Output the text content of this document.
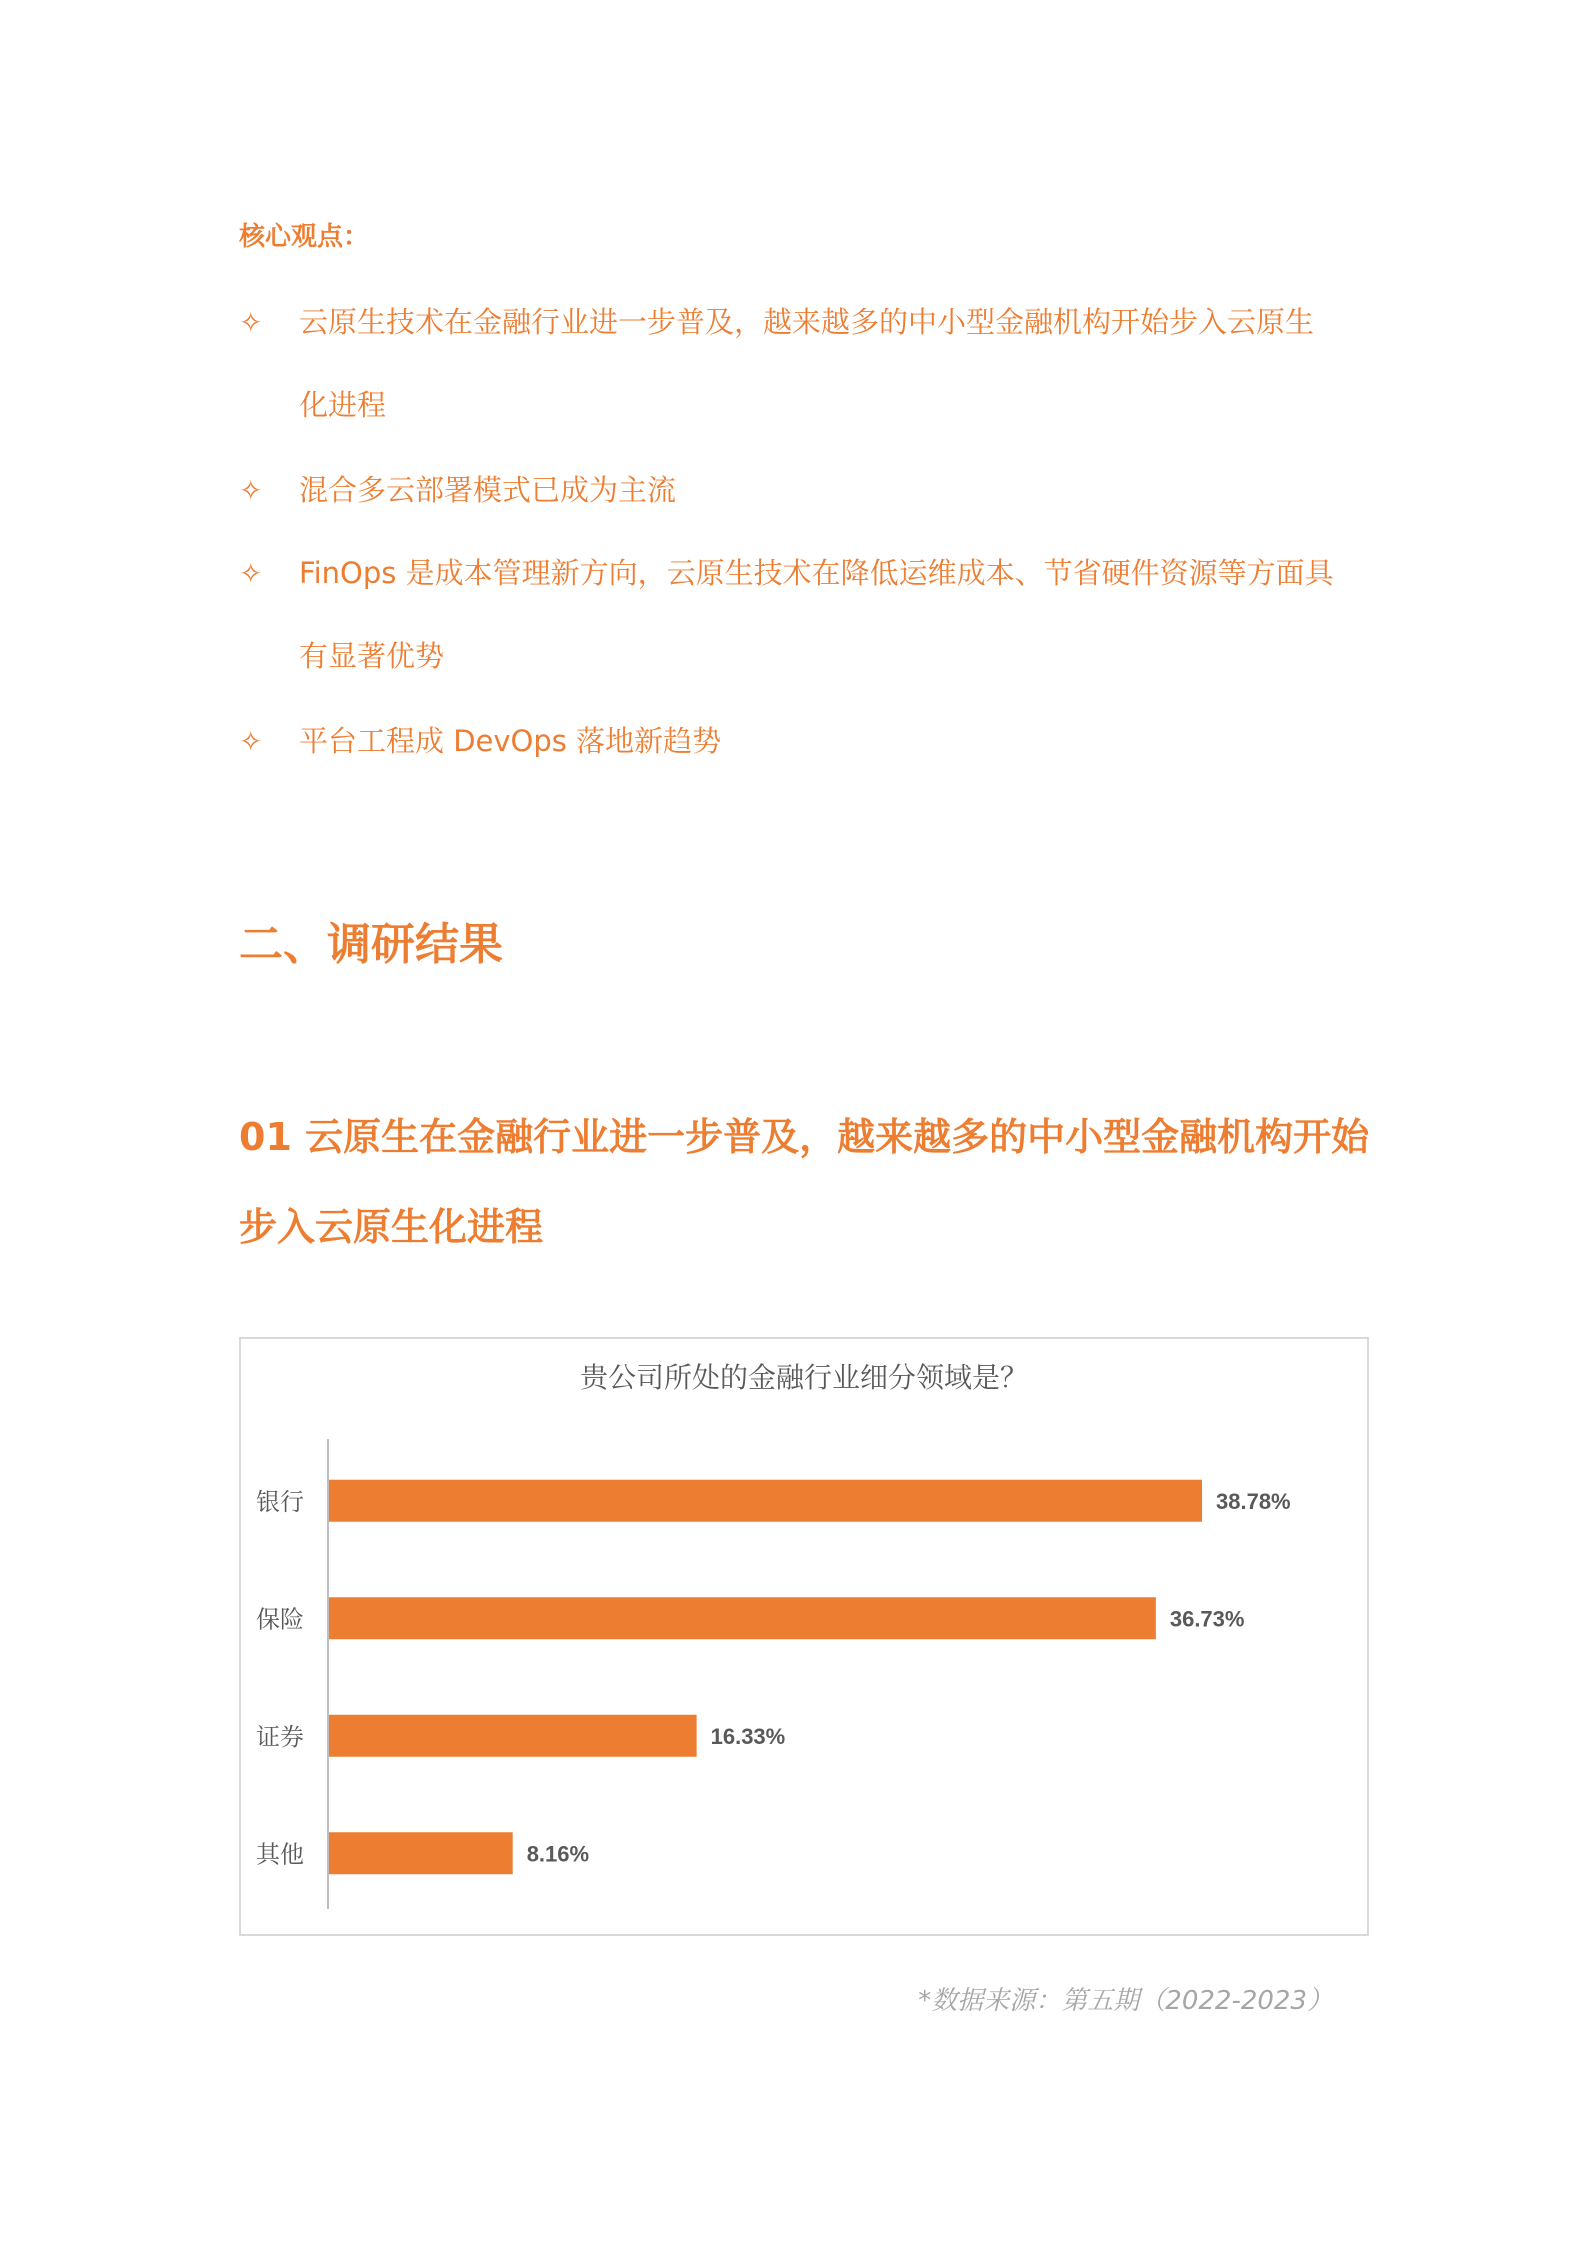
核心观点：
✧ 云原生技术在金融行业进一步普及，越来越多的中小型金融机构开始步入云原生
化进程
✧ 混合多云部署模式已成为主流
✧ FinOps 是成本管理新方向，云原生技术在降低运维成本、节省硬件资源等方面具
有显著优势
✧ 平台工程成 DevOps 落地新趋势
二、调研结果
01 云原生在金融行业进一步普及，越来越多的中小型金融机构开始
步入云原生化进程
贵公司所处的金融行业细分领域是？
银行	38.78%
保险	36.73%
证券	16.33%
其他	8.16%
*数据来源：第五期（2022-2023）
